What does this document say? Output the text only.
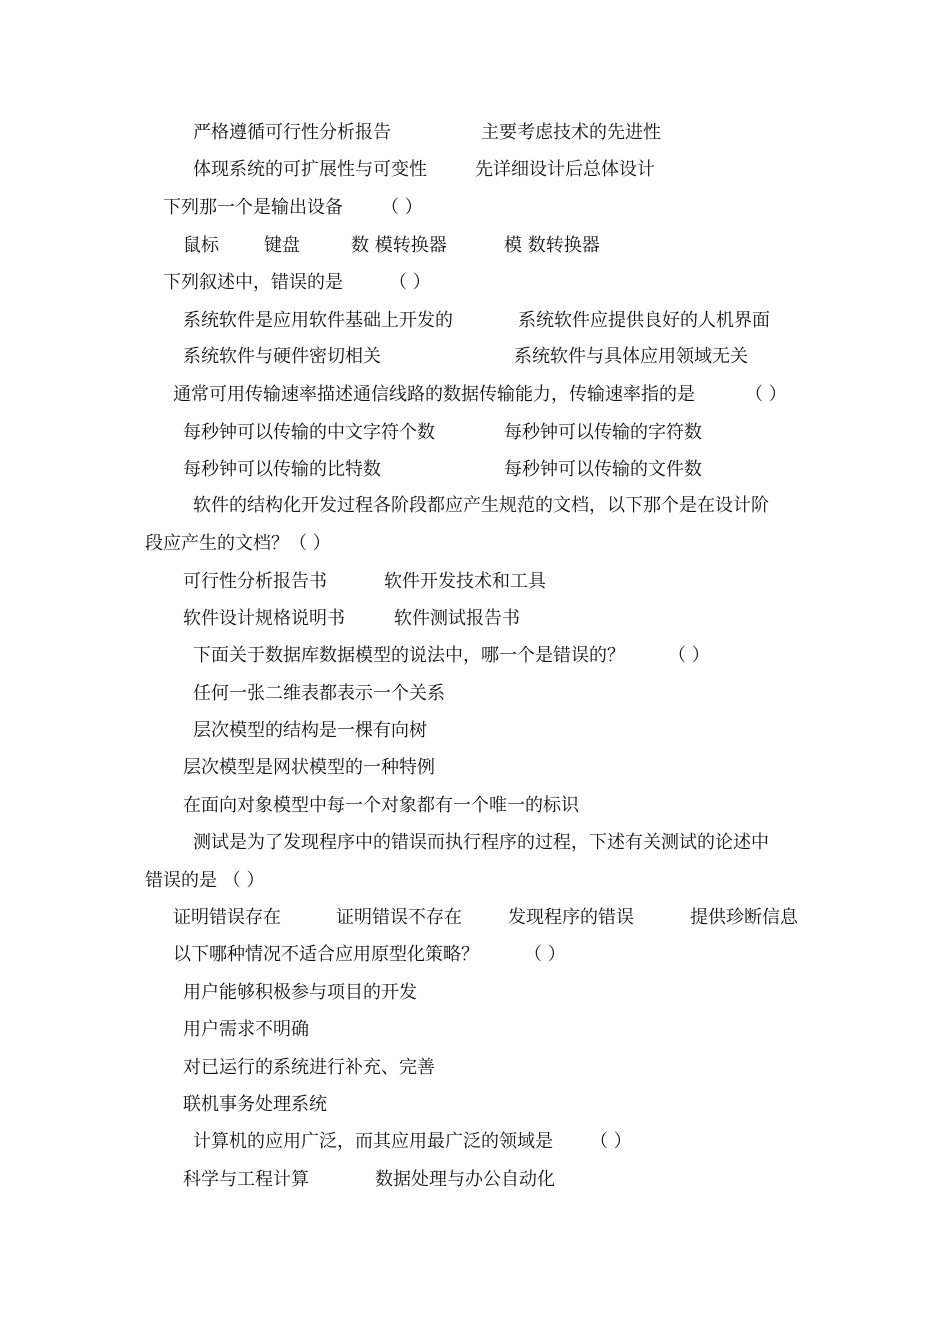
严格遵循可行性分析报告	主要考虑技术的先进性
体现系统的可扩展性与可变性	先详细设计后总体设计
下列那一个是输出设备 （ ）
鼠标	键盘	数 模转换器	模 数转换器
下列叙述中，错误的是	（ ）
系统软件是应用软件基础上开发的	系统软件应提供良好的人机界面
系统软件与硬件密切相关	系统软件与具体应用领域无关
通常可用传输速率描述通信线路的数据传输能力，传输速率指的是	（ ）
每秒钟可以传输的中文字符个数	每秒钟可以传输的字符数
每秒钟可以传输的比特数	每秒钟可以传输的文件数
软件的结构化开发过程各阶段都应产生规范的文档，以下那个是在设计阶
段应产生的文档？（ ）
可行性分析报告书	软件开发技术和工具
软件设计规格说明书	软件测试报告书
下面关于数据库数据模型的说法中，哪一个是错误的？ （ ）
任何一张二维表都表示一个关系
层次模型的结构是一棵有向树
层次模型是网状模型的一种特例
在面向对象模型中每一个对象都有一个唯一的标识
测试是为了发现程序中的错误而执行程序的过程，下述有关测试的论述中
错误的是 （ ）
证明错误存在	证明错误不存在	发现程序的错误	提供珍断信息
以下哪种情况不适合应用原型化策略？	（ ）
用户能够积极参与项目的开发
用户需求不明确
对已运行的系统进行补充、完善
联机事务处理系统
计算机的应用广泛，而其应用最广泛的领域是 （ ）
科学与工程计算	数据处理与办公自动化
